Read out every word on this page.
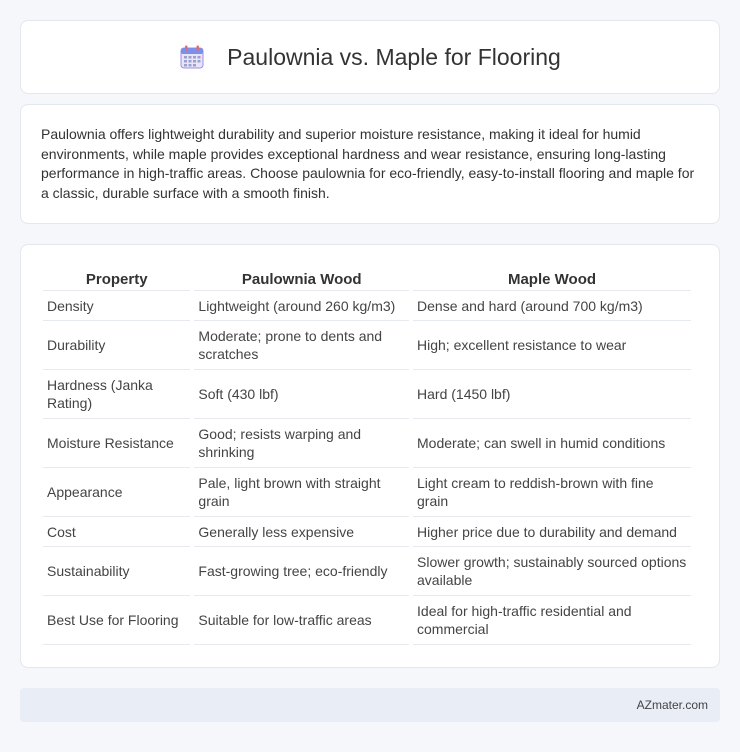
Paulownia vs. Maple for Flooring

Paulownia offers lightweight durability and superior moisture resistance, making it ideal for humid environments, while maple provides exceptional hardness and wear resistance, ensuring long-lasting performance in high-traffic areas. Choose paulownia for eco-friendly, easy-to-install flooring and maple for a classic, durable surface with a smooth finish.

Property	Paulownia Wood	Maple Wood
Density	Lightweight (around 260 kg/m3)	Dense and hard (around 700 kg/m3)
Durability	Moderate; prone to dents and scratches	High; excellent resistance to wear
Hardness (Janka Rating)	Soft (430 lbf)	Hard (1450 lbf)
Moisture Resistance	Good; resists warping and shrinking	Moderate; can swell in humid conditions
Appearance	Pale, light brown with straight grain	Light cream to reddish-brown with fine grain
Cost	Generally less expensive	Higher price due to durability and demand
Sustainability	Fast-growing tree; eco-friendly	Slower growth; sustainably sourced options available
Best Use for Flooring	Suitable for low-traffic areas	Ideal for high-traffic residential and commercial
AZmater.com
